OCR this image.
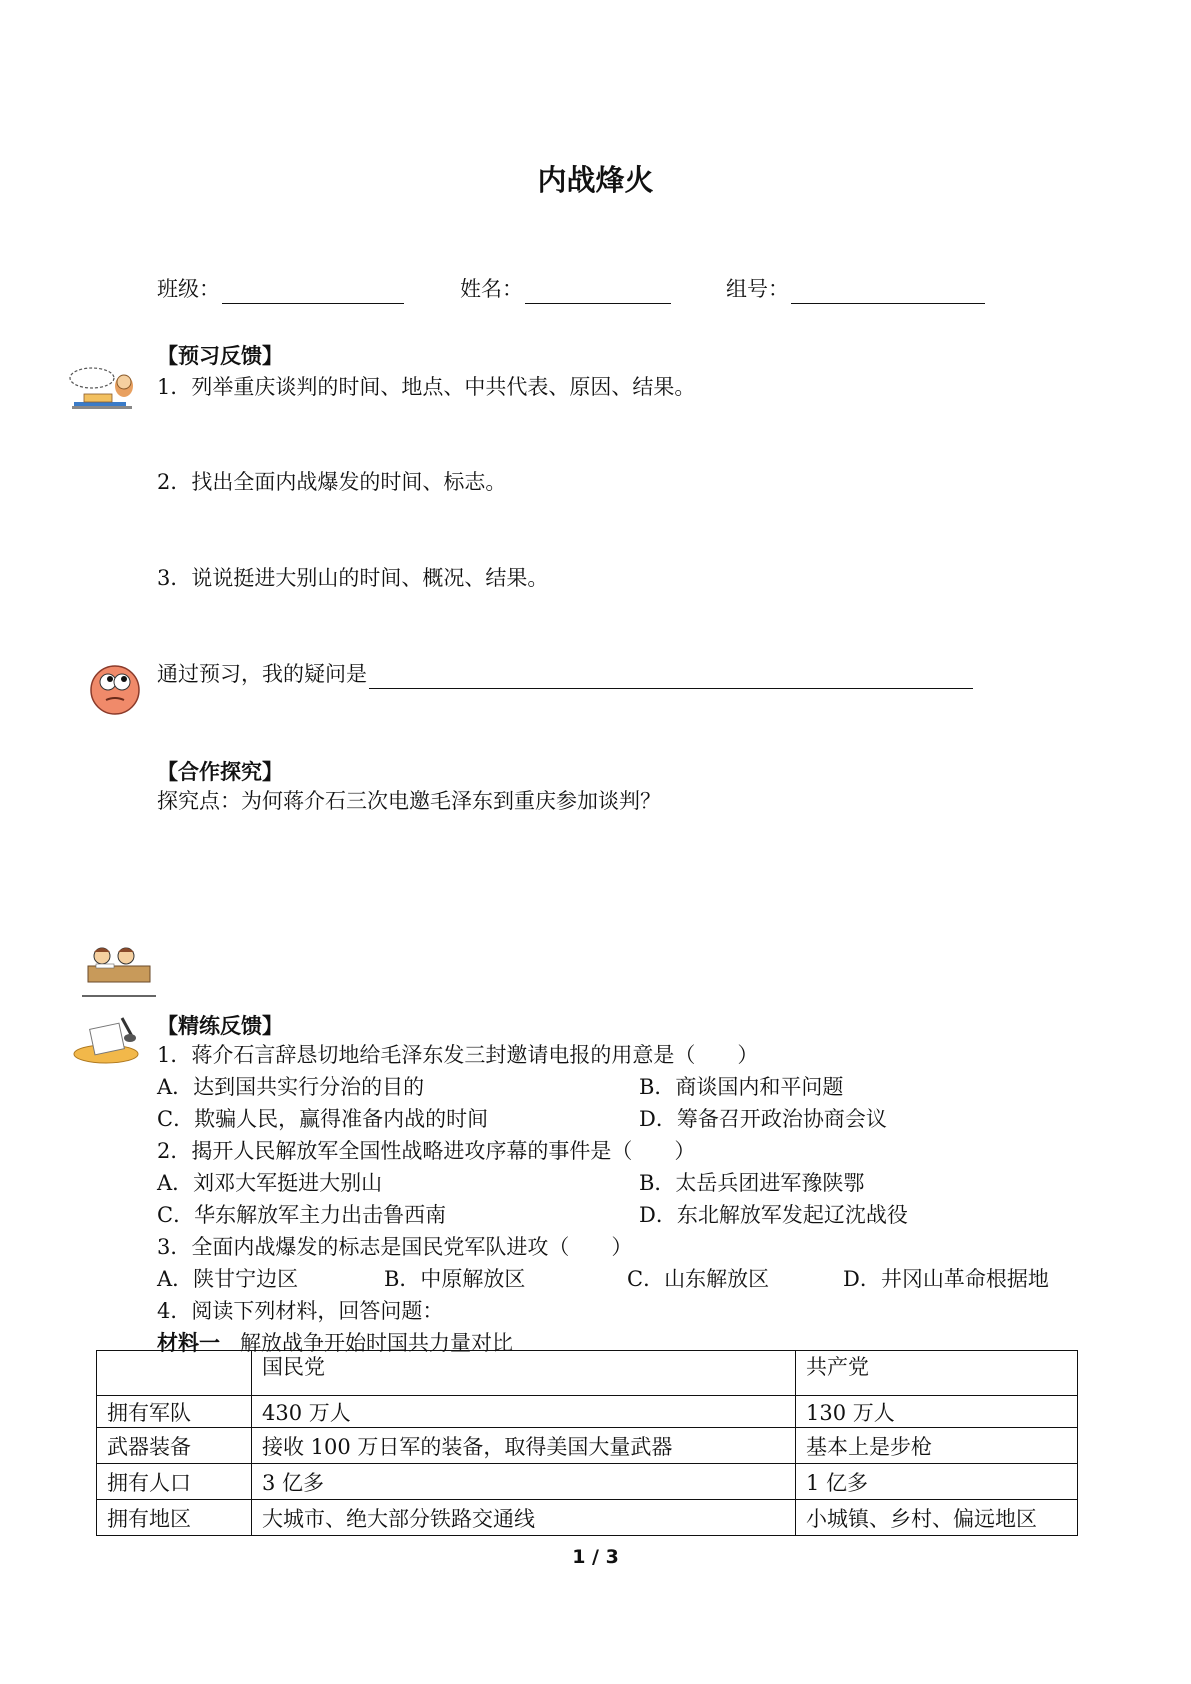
内战烽火
班级：	姓名：	组号：
【预习反馈】
1．列举重庆谈判的时间、地点、中共代表、原因、结果。
2．找出全面内战爆发的时间、标志。
3．说说挺进大别山的时间、概况、结果。
通过预习，我的疑问是
【合作探究】
探究点：为何蒋介石三次电邀毛泽东到重庆参加谈判？
【精练反馈】
1．蒋介石言辞恳切地给毛泽东发三封邀请电报的用意是（　　）
A．达到国共实行分治的目的	B．商谈国内和平问题
C．欺骗人民，赢得准备内战的时间	D．筹备召开政治协商会议
2．揭开人民解放军全国性战略进攻序幕的事件是（　　）
A．刘邓大军挺进大别山	B．太岳兵团进军豫陕鄂
C．华东解放军主力出击鲁西南	D．东北解放军发起辽沈战役
3．全面内战爆发的标志是国民党军队进攻（　　）
A．陕甘宁边区	B．中原解放区	C．山东解放区	D．井冈山革命根据地
4．阅读下列材料，回答问题：
材料一 解放战争开始时国共力量对比
	国民党	共产党
拥有军队	430 万人	130 万人
武器装备	接收 100 万日军的装备，取得美国大量武器	基本上是步枪
拥有人口	3 亿多	1 亿多
拥有地区	大城市、绝大部分铁路交通线	小城镇、乡村、偏远地区
1 / 3
